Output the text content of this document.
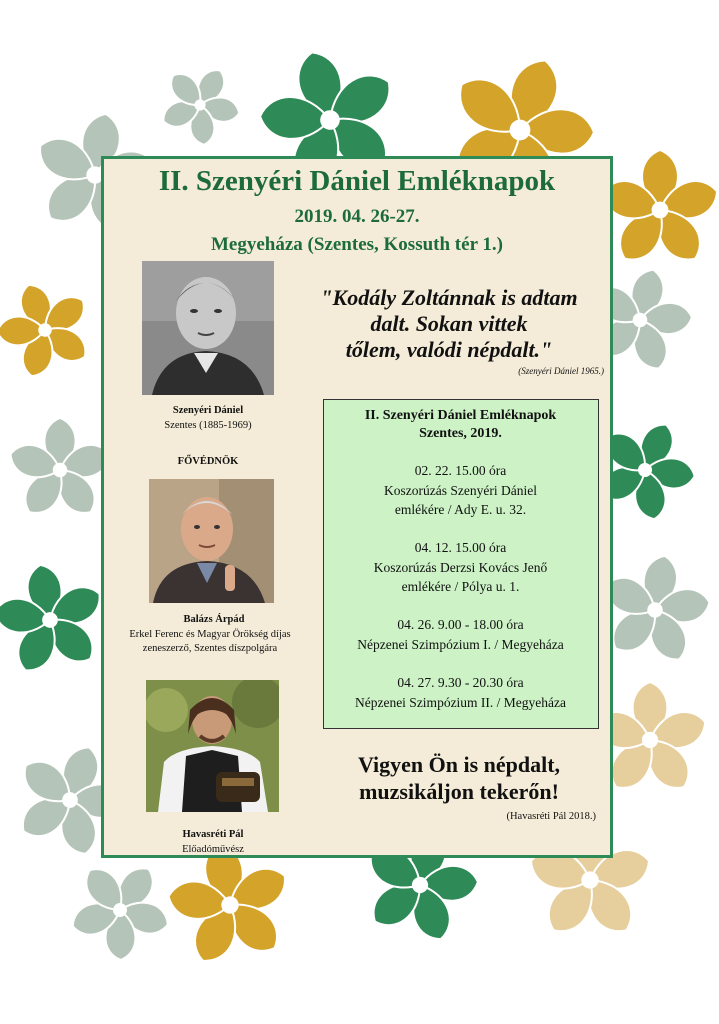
II. Szenyéri Dániel Emléknapok
2019. 04. 26-27.
Megyeháza (Szentes, Kossuth tér 1.)
Szenyéri Dániel
Szentes (1885-1969)
FŐVÉDNÖK
Balázs Árpád
Erkel Ferenc és Magyar Örökség díjas
zeneszerző, Szentes díszpolgára
Havasréti Pál
Előadóművész
"Kodály Zoltánnak is adtam
dalt. Sokan vittek
tőlem, valódi népdalt."
(Szenyéri Dániel 1965.)
II. Szenyéri Dániel Emléknapok
Szentes, 2019.
02. 22. 15.00 óra
Koszorúzás Szenyéri Dániel
emlékére / Ady E. u. 32.
04. 12. 15.00 óra
Koszorúzás Derzsi Kovács Jenő
emlékére / Pólya u. 1.
04. 26. 9.00 - 18.00 óra
Népzenei Szimpózium I. / Megyeháza
04. 27. 9.30 - 20.30 óra
Népzenei Szimpózium II. / Megyeháza
Vigyen Ön is népdalt,
muzsikáljon tekerőn!
(Havasréti Pál 2018.)
